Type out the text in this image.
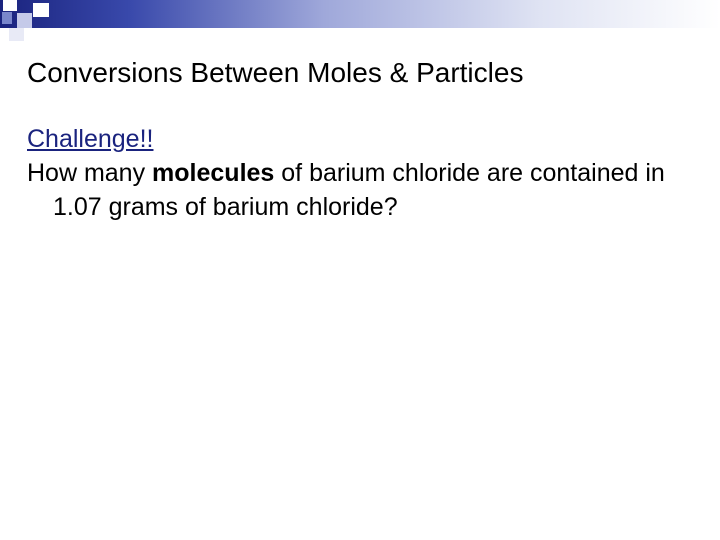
Conversions Between Moles & Particles
Challenge!!

How many molecules of barium chloride are contained in 1.07 grams of barium chloride?
